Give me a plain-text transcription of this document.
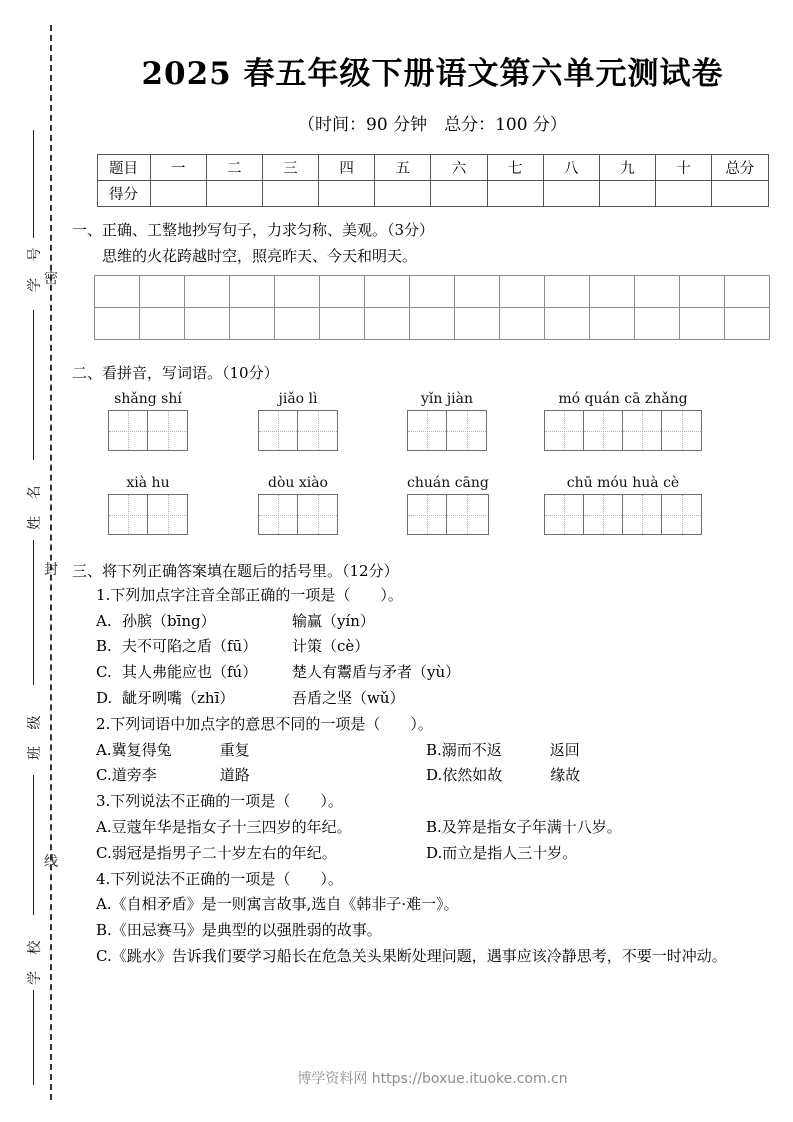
密
封
线
学 号
姓 名
班 级
学 校
2025 春五年级下册语文第六单元测试卷
（时间：90 分钟　总分：100 分）
题目	一	二	三	四	五	六	七	八	九	十	总分
得分											
一、正确、工整地抄写句子，力求匀称、美观。（3分）
思维的火花跨越时空，照亮昨天、今天和明天。

二、看拼音，写词语。（10分）
shǎng shí	jiǎo lì	yǐn jiàn	mó quán cā zhǎng
xià hu	dòu xiào	chuán cāng	chū móu huà cè
三、将下列正确答案填在题后的括号里。（12分）
1.下列加点字注音全部正确的一项是（　　）。
A. 孙膑（bīng）	输赢（yín）
B. 夫不可陷之盾（fū） 计策（cè）
C. 其人弗能应也（fú） 楚人有鬻盾与矛者（yù）
D. 龇牙咧嘴（zhī）	吾盾之坚（wǔ）
2.下列词语中加点字的意思不同的一项是（　　）。
A.冀复得兔	重复	B.溺而不返	返回
C.道旁李	道路	D.依然如故	缘故
3.下列说法不正确的一项是（　　）。
A.豆蔻年华是指女子十三四岁的年纪。	B.及笄是指女子年满十八岁。
C.弱冠是指男子二十岁左右的年纪。	D.而立是指人三十岁。
4.下列说法不正确的一项是（　　）。
A.《自相矛盾》是一则寓言故事,选自《韩非子·难一》。
B.《田忌赛马》是典型的以强胜弱的故事。
C.《跳水》告诉我们要学习船长在危急关头果断处理问题，遇事应该冷静思考，不要一时冲动。
博学资料网 https://boxue.ituoke.com.cn
